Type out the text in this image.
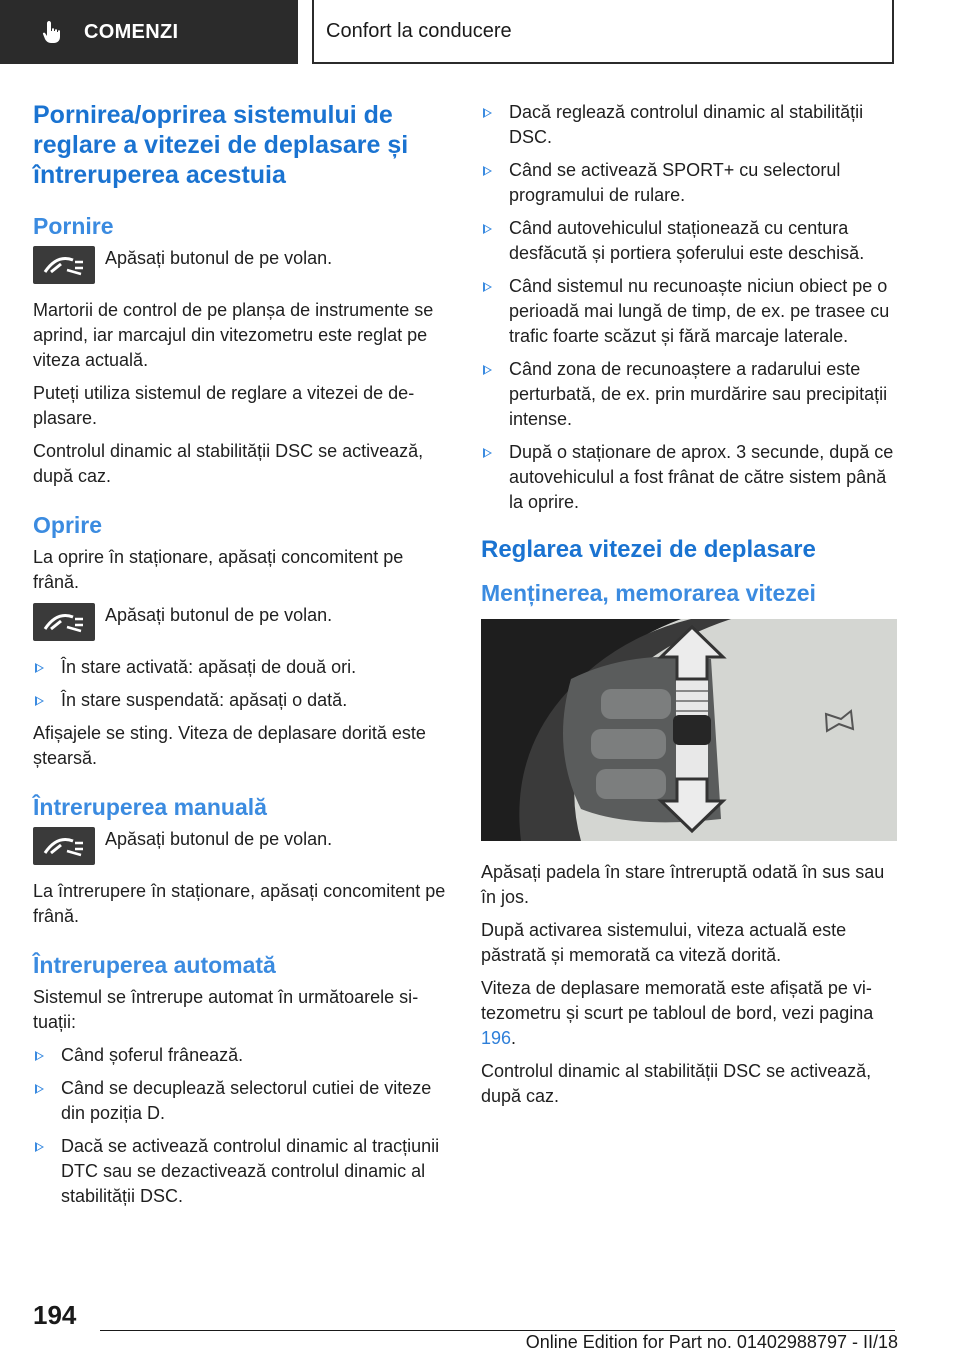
COMENZI	Confort la conducere
Pornirea/oprirea sistemului de reglare a vitezei de deplasare și întreruperea acestuia
Pornire

Apăsați butonul de pe volan.

Martorii de control de pe planșa de instrumente se aprind, iar marcajul din vitezometru este reglat pe viteza actuală.

Puteți utiliza sistemul de reglare a vitezei de deplasare.

Controlul dinamic al stabilității DSC se activează, după caz.

Oprire

La oprire în staționare, apăsați concomitent pe frână.

Apăsați butonul de pe volan.

În stare activată: apăsați de două ori.
În stare suspendată: apăsați o dată.

Afișajele se sting. Viteza de deplasare dorită este ștearsă.

Întreruperea manuală

Apăsați butonul de pe volan.

La întrerupere în staționare, apăsați concomitent pe frână.

Întreruperea automată

Sistemul se întrerupe automat în următoarele situații:

Când șoferul frânează.
Când se decuplează selectorul cutiei de viteze din poziția D.
Dacă se activează controlul dinamic al tracțiunii DTC sau se dezactivează controlul dinamic al stabilității DSC.
Dacă reglează controlul dinamic al stabilității DSC.
Când se activează SPORT+ cu selectorul programului de rulare.
Când autovehiculul staționează cu centura desfăcută și portiera șoferului este deschisă.
Când sistemul nu recunoaște niciun obiect pe o perioadă mai lungă de timp, de ex. pe trasee cu trafic foarte scăzut și fără marcaje laterale.
Când zona de recunoaștere a radarului este perturbată, de ex. prin murdărire sau precipitații intense.
După o staționare de aprox. 3 secunde, după ce autovehiculul a fost frânat de către sistem până la oprire.
Reglarea vitezei de deplasare
Menținerea, memorarea vitezei

Apăsați padela în stare întreruptă odată în sus sau în jos.

După activarea sistemului, viteza actuală este păstrată și memorată ca viteză dorită.

Viteza de deplasare memorată este afișată pe vitezometru și scurt pe tabloul de bord, vezi pagina 196.

Controlul dinamic al stabilității DSC se activează, după caz.

194
Online Edition for Part no. 01402988797 - II/18
